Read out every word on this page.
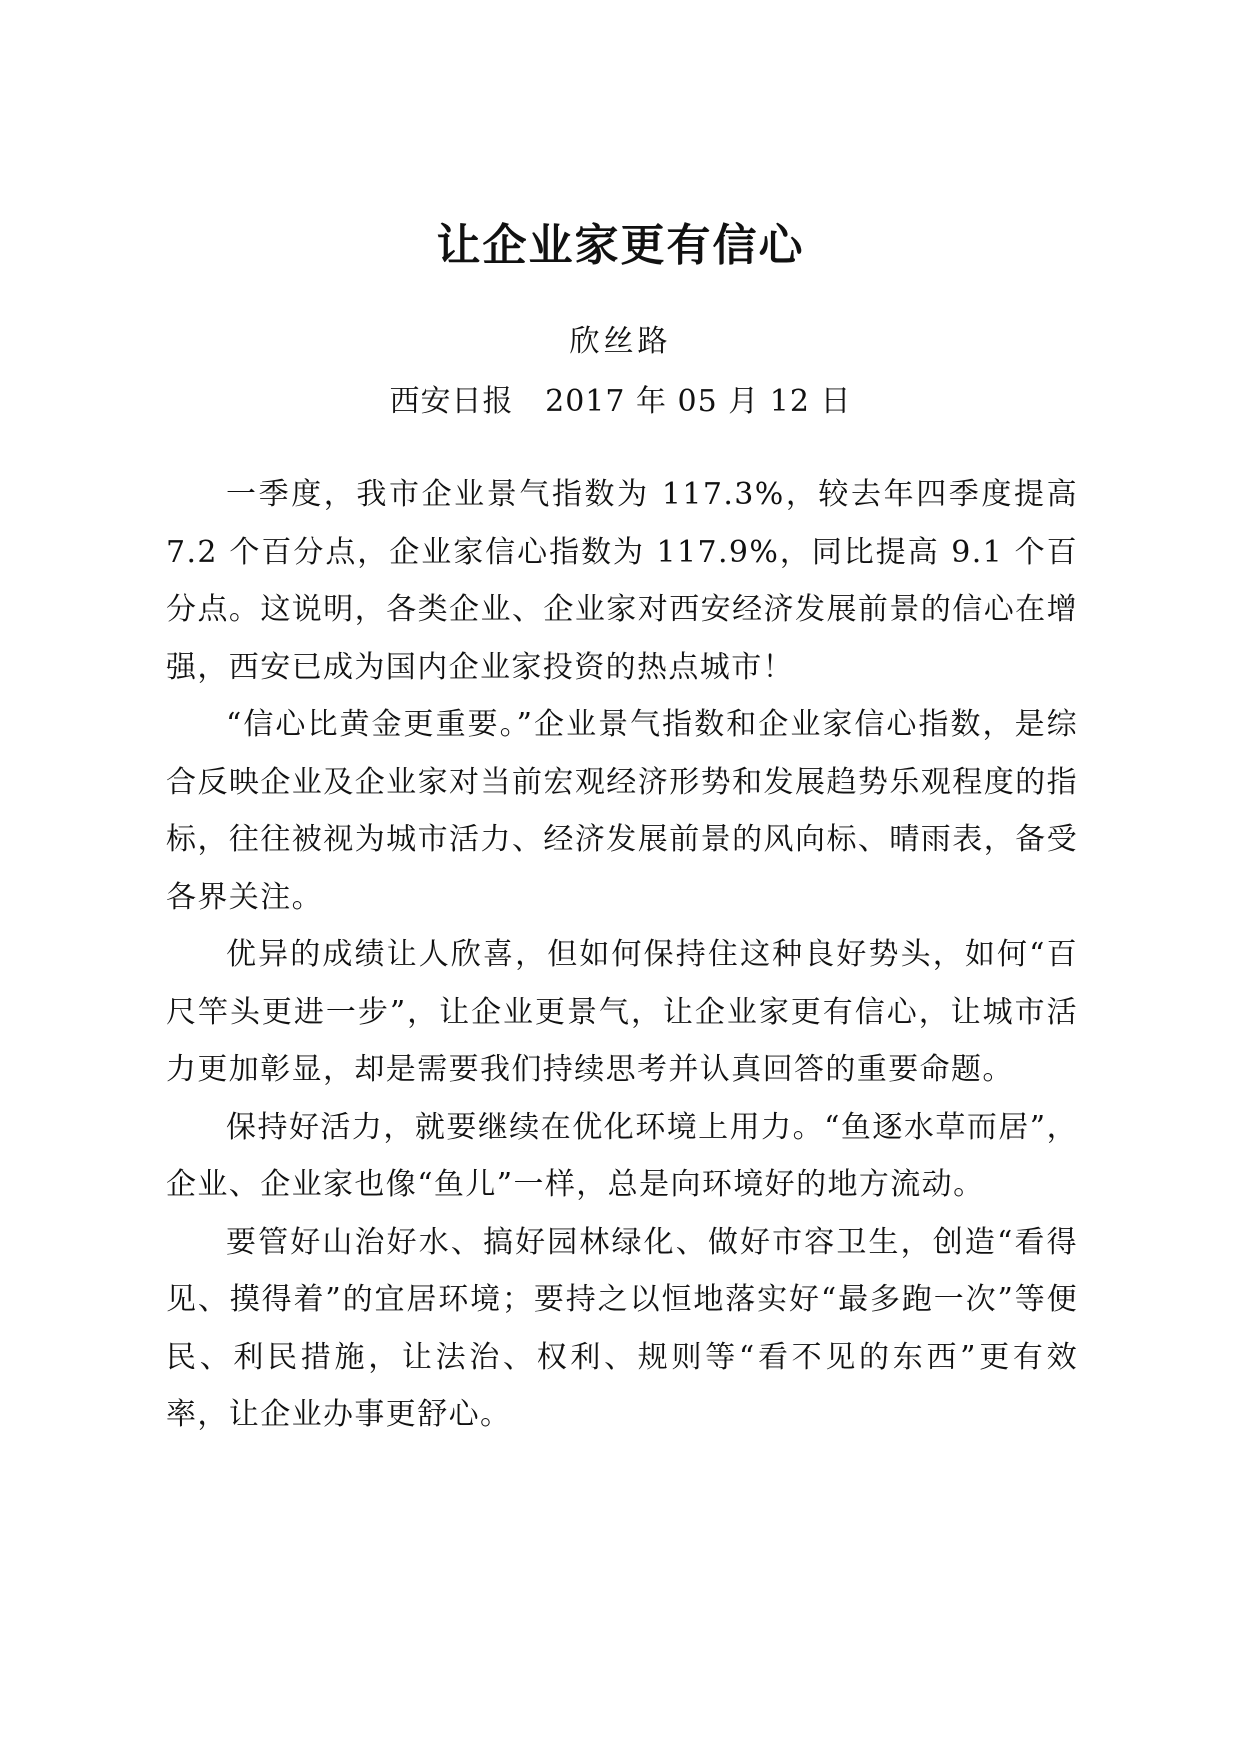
让企业家更有信心
欣丝路
西安日报   2017 年 05 月 12 日

一季度，我市企业景气指数为 117.3%，较去年四季度提高 7.2 个百分点，企业家信心指数为 117.9%，同比提高 9.1 个百分点。这说明，各类企业、企业家对西安经济发展前景的信心在增强，西安已成为国内企业家投资的热点城市！

“信心比黄金更重要。”企业景气指数和企业家信心指数，是综合反映企业及企业家对当前宏观经济形势和发展趋势乐观程度的指标，往往被视为城市活力、经济发展前景的风向标、晴雨表，备受各界关注。

优异的成绩让人欣喜，但如何保持住这种良好势头，如何“百尺竿头更进一步”，让企业更景气，让企业家更有信心，让城市活力更加彰显，却是需要我们持续思考并认真回答的重要命题。

保持好活力，就要继续在优化环境上用力。“鱼逐水草而居”，企业、企业家也像“鱼儿”一样，总是向环境好的地方流动。

要管好山治好水、搞好园林绿化、做好市容卫生，创造“看得见、摸得着”的宜居环境；要持之以恒地落实好“最多跑一次”等便民、利民措施，让法治、权利、规则等“看不见的东西”更有效率，让企业办事更舒心。
